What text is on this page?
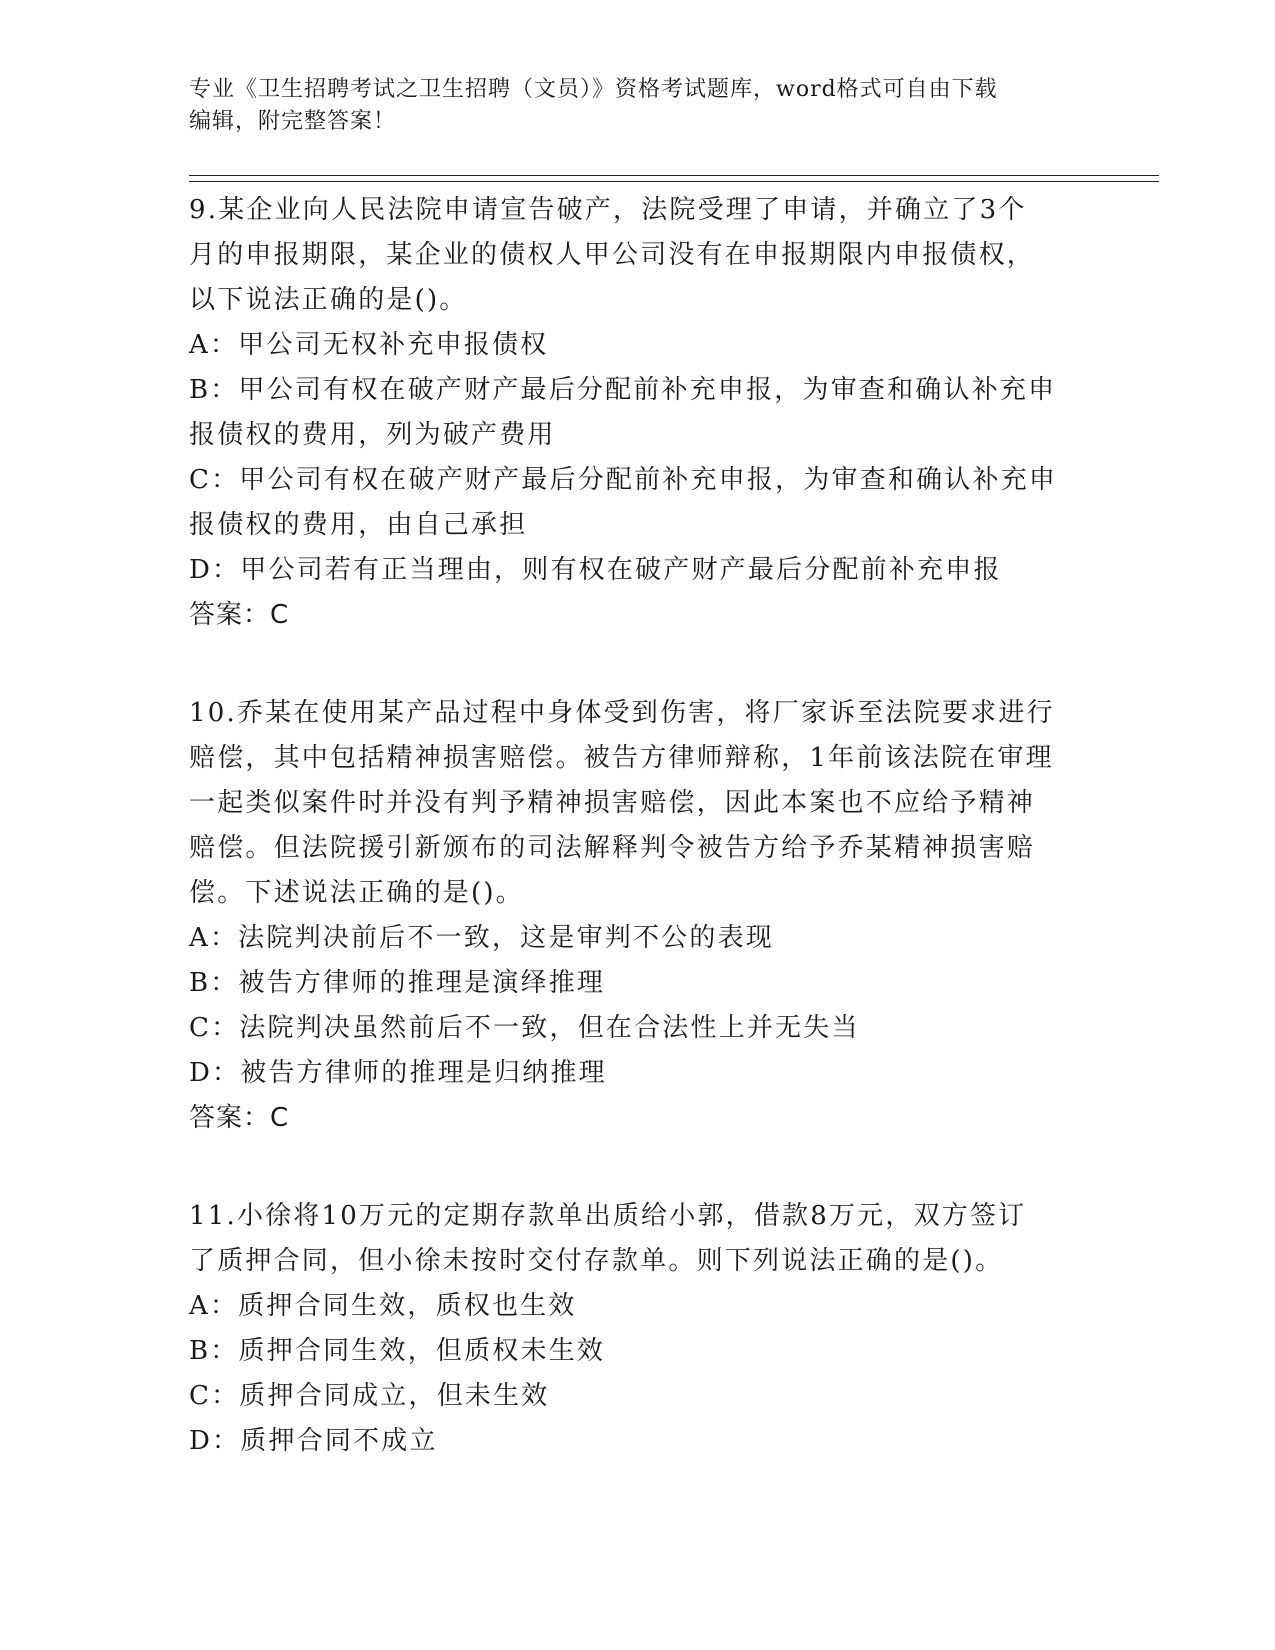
专业《卫生招聘考试之卫生招聘（文员）》资格考试题库，word格式可自由下载
编辑，附完整答案！
9.某企业向人民法院申请宣告破产，法院受理了申请，并确立了3个
月的申报期限，某企业的债权人甲公司没有在申报期限内申报债权，
以下说法正确的是()。
A：甲公司无权补充申报债权
B：甲公司有权在破产财产最后分配前补充申报，为审查和确认补充申
报债权的费用，列为破产费用
C：甲公司有权在破产财产最后分配前补充申报，为审查和确认补充申
报债权的费用，由自己承担
D：甲公司若有正当理由，则有权在破产财产最后分配前补充申报
答案：C
10.乔某在使用某产品过程中身体受到伤害，将厂家诉至法院要求进行
赔偿，其中包括精神损害赔偿。被告方律师辩称，1年前该法院在审理
一起类似案件时并没有判予精神损害赔偿，因此本案也不应给予精神
赔偿。但法院援引新颁布的司法解释判令被告方给予乔某精神损害赔
偿。下述说法正确的是()。
A：法院判决前后不一致，这是审判不公的表现
B：被告方律师的推理是演绎推理
C：法院判决虽然前后不一致，但在合法性上并无失当
D：被告方律师的推理是归纳推理
答案：C
11.小徐将10万元的定期存款单出质给小郭，借款8万元，双方签订
了质押合同，但小徐未按时交付存款单。则下列说法正确的是()。
A：质押合同生效，质权也生效
B：质押合同生效，但质权未生效
C：质押合同成立，但未生效
D：质押合同不成立
